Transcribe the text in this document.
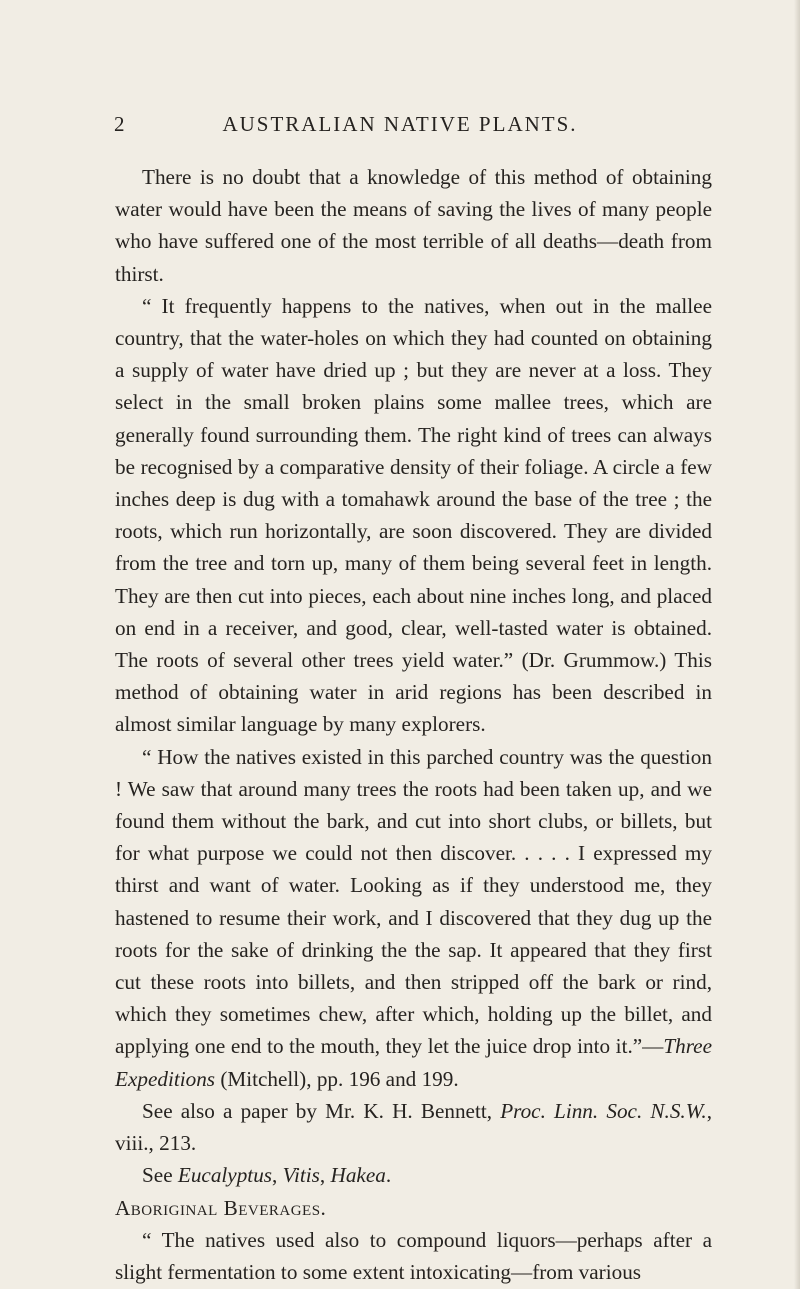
2	AUSTRALIAN NATIVE PLANTS.

There is no doubt that a knowledge of this method of obtaining water would have been the means of saving the lives of many people who have suffered one of the most terrible of all deaths—death from thirst.

“ It frequently happens to the natives, when out in the mallee country, that the water-holes on which they had counted on obtaining a supply of water have dried up ; but they are never at a loss. They select in the small broken plains some mallee trees, which are generally found surrounding them. The right kind of trees can always be recognised by a comparative density of their foliage. A circle a few inches deep is dug with a tomahawk around the base of the tree ; the roots, which run horizontally, are soon discovered. They are divided from the tree and torn up, many of them being several feet in length. They are then cut into pieces, each about nine inches long, and placed on end in a receiver, and good, clear, well-tasted water is obtained. The roots of several other trees yield water.” (Dr. Grummow.) This method of obtaining water in arid regions has been described in almost similar language by many explorers.

“ How the natives existed in this parched country was the question ! We saw that around many trees the roots had been taken up, and we found them without the bark, and cut into short clubs, or billets, but for what purpose we could not then discover. . . . . I expressed my thirst and want of water. Looking as if they understood me, they hastened to resume their work, and I discovered that they dug up the roots for the sake of drinking the the sap. It appeared that they first cut these roots into billets, and then stripped off the bark or rind, which they sometimes chew, after which, holding up the billet, and applying one end to the mouth, they let the juice drop into it.”—Three Expeditions (Mitchell), pp. 196 and 199.

See also a paper by Mr. K. H. Bennett, Proc. Linn. Soc. N.S.W., viii., 213.

See Eucalyptus, Vitis, Hakea.

Aboriginal Beverages.

“ The natives used also to compound liquors—perhaps after a slight fermentation to some extent intoxicating—from various
